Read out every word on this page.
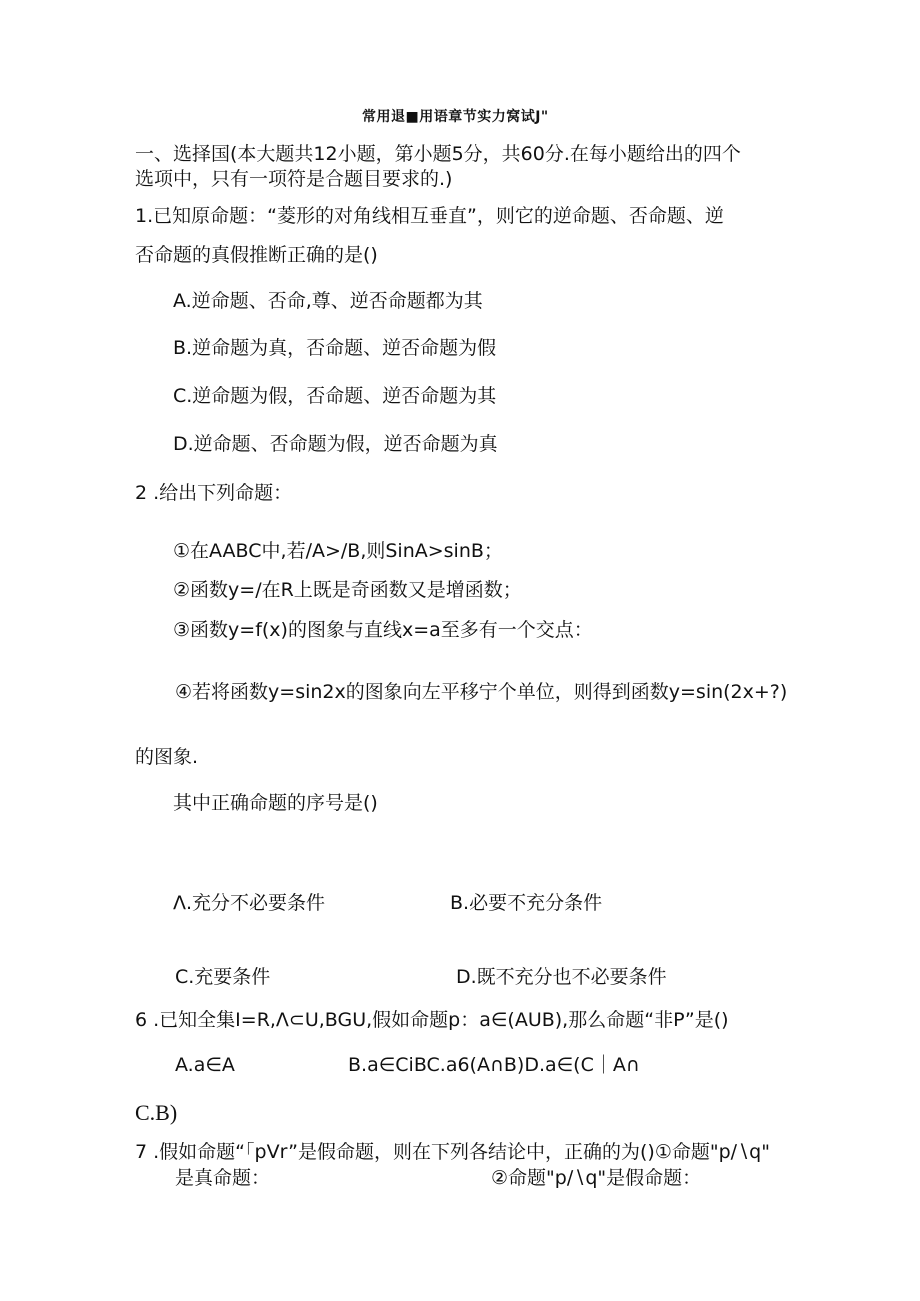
常用退■用语章节实力窝试J"
一、选择国(本大题共12小题，第小题5分，共60分.在每小题给出的四个
选项中，只有一项符是合题目要求的.)
1.已知原命题：“菱形的对角线相互垂直”，则它的逆命题、否命题、逆
否命题的真假推断正确的是()
A.逆命题、否命,尊、逆否命题都为其
B.逆命题为真，否命题、逆否命题为假
C.逆命题为假，否命题、逆否命题为其
D.逆命题、否命题为假，逆否命题为真
2 .给出下列命题：
①在AABC中,若∕A>∕B,则SinA>sinB；
②函数y=/在R上既是奇函数又是增函数；
③函数y=f(x)的图象与直线x=a至多有一个交点：
④若将函数y=sin2x的图象向左平移宁个单位，则得到函数y=sin(2x+?)
的图象.
其中正确命题的序号是()
Λ.充分不必要条件	B.必要不充分条件
C.充要条件	D.既不充分也不必要条件
6 .已知全集I=R,Λ⊂U,BGU,假如命题p：a∈(AUB),那么命题“非P”是()
A.a∈A	B.a∈CiBC.a6(A∩B)D.a∈(C｜A∩
C.B)
7 .假如命题“「pVr”是假命题，则在下列各结论中，正确的为()①命题"p∕∖q"
是真命题：	②命题"p∕∖q"是假命题：
